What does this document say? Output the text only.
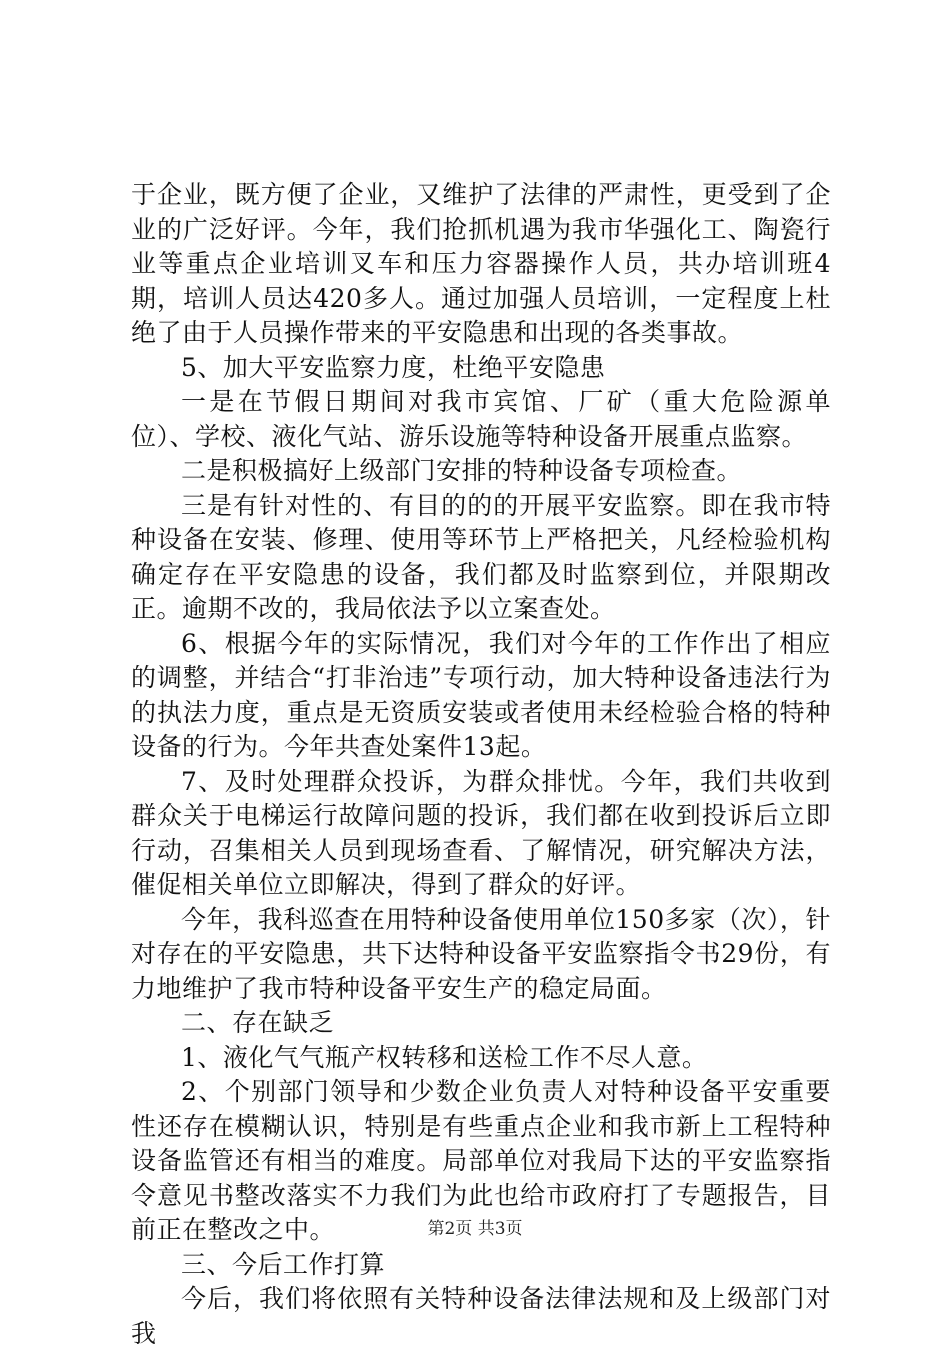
于企业，既方便了企业，又维护了法律的严肃性，更受到了企业的广泛好评。今年，我们抢抓机遇为我市华强化工、陶瓷行业等重点企业培训叉车和压力容器操作人员，共办培训班4期，培训人员达420多人。通过加强人员培训，一定程度上杜绝了由于人员操作带来的平安隐患和出现的各类事故。

5、加大平安监察力度，杜绝平安隐患

一是在节假日期间对我市宾馆、厂矿（重大危险源单位）、学校、液化气站、游乐设施等特种设备开展重点监察。

二是积极搞好上级部门安排的特种设备专项检查。

三是有针对性的、有目的的的开展平安监察。即在我市特种设备在安装、修理、使用等环节上严格把关，凡经检验机构确定存在平安隐患的设备，我们都及时监察到位，并限期改正。逾期不改的，我局依法予以立案查处。

6、根据今年的实际情况，我们对今年的工作作出了相应的调整，并结合“打非治违”专项行动，加大特种设备违法行为的执法力度，重点是无资质安装或者使用未经检验合格的特种设备的行为。今年共查处案件13起。

7、及时处理群众投诉，为群众排忧。今年，我们共收到群众关于电梯运行故障问题的投诉，我们都在收到投诉后立即行动，召集相关人员到现场查看、了解情况，研究解决方法，催促相关单位立即解决，得到了群众的好评。

今年，我科巡查在用特种设备使用单位150多家（次），针对存在的平安隐患，共下达特种设备平安监察指令书29份，有力地维护了我市特种设备平安生产的稳定局面。

二、存在缺乏

1、液化气气瓶产权转移和送检工作不尽人意。

2、个别部门领导和少数企业负责人对特种设备平安重要性还存在模糊认识，特别是有些重点企业和我市新上工程特种设备监管还有相当的难度。局部单位对我局下达的平安监察指令意见书整改落实不力我们为此也给市政府打了专题报告，目前正在整改之中。

三、今后工作打算

今后，我们将依照有关特种设备法律法规和及上级部门对我

第2页 共3页
